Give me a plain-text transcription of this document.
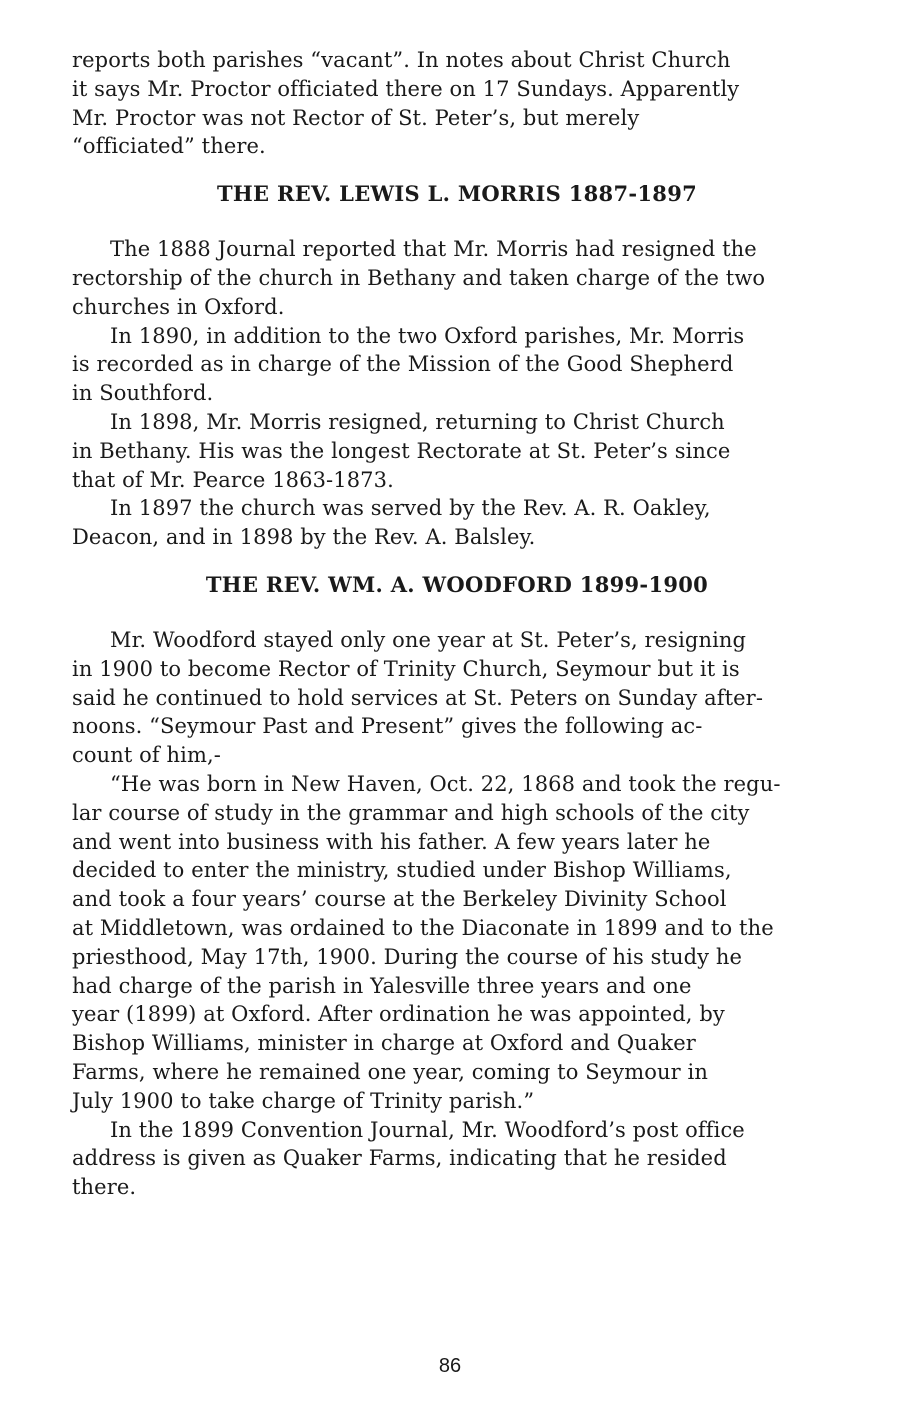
reports both parishes “vacant”. In notes about Christ Church
it says Mr. Proctor officiated there on 17 Sundays. Apparently
Mr. Proctor was not Rector of St. Peter’s, but merely
“officiated” there.
THE REV. LEWIS L. MORRIS 1887-1897
The 1888 Journal reported that Mr. Morris had resigned the
rectorship of the church in Bethany and taken charge of the two
churches in Oxford.
In 1890, in addition to the two Oxford parishes, Mr. Morris
is recorded as in charge of the Mission of the Good Shepherd
in Southford.
In 1898, Mr. Morris resigned, returning to Christ Church
in Bethany. His was the longest Rectorate at St. Peter’s since
that of Mr. Pearce 1863-1873.
In 1897 the church was served by the Rev. A. R. Oakley,
Deacon, and in 1898 by the Rev. A. Balsley.
THE REV. WM. A. WOODFORD 1899-1900
Mr. Woodford stayed only one year at St. Peter’s, resigning
in 1900 to become Rector of Trinity Church, Seymour but it is
said he continued to hold services at St. Peters on Sunday after-
noons. “Seymour Past and Present” gives the following ac-
count of him,-
“He was born in New Haven, Oct. 22, 1868 and took the regu-
lar course of study in the grammar and high schools of the city
and went into business with his father. A few years later he
decided to enter the ministry, studied under Bishop Williams,
and took a four years’ course at the Berkeley Divinity School
at Middletown, was ordained to the Diaconate in 1899 and to the
priesthood, May 17th, 1900. During the course of his study he
had charge of the parish in Yalesville three years and one
year (1899) at Oxford. After ordination he was appointed, by
Bishop Williams, minister in charge at Oxford and Quaker
Farms, where he remained one year, coming to Seymour in
July 1900 to take charge of Trinity parish.”
In the 1899 Convention Journal, Mr. Woodford’s post office
address is given as Quaker Farms, indicating that he resided
there.
86
